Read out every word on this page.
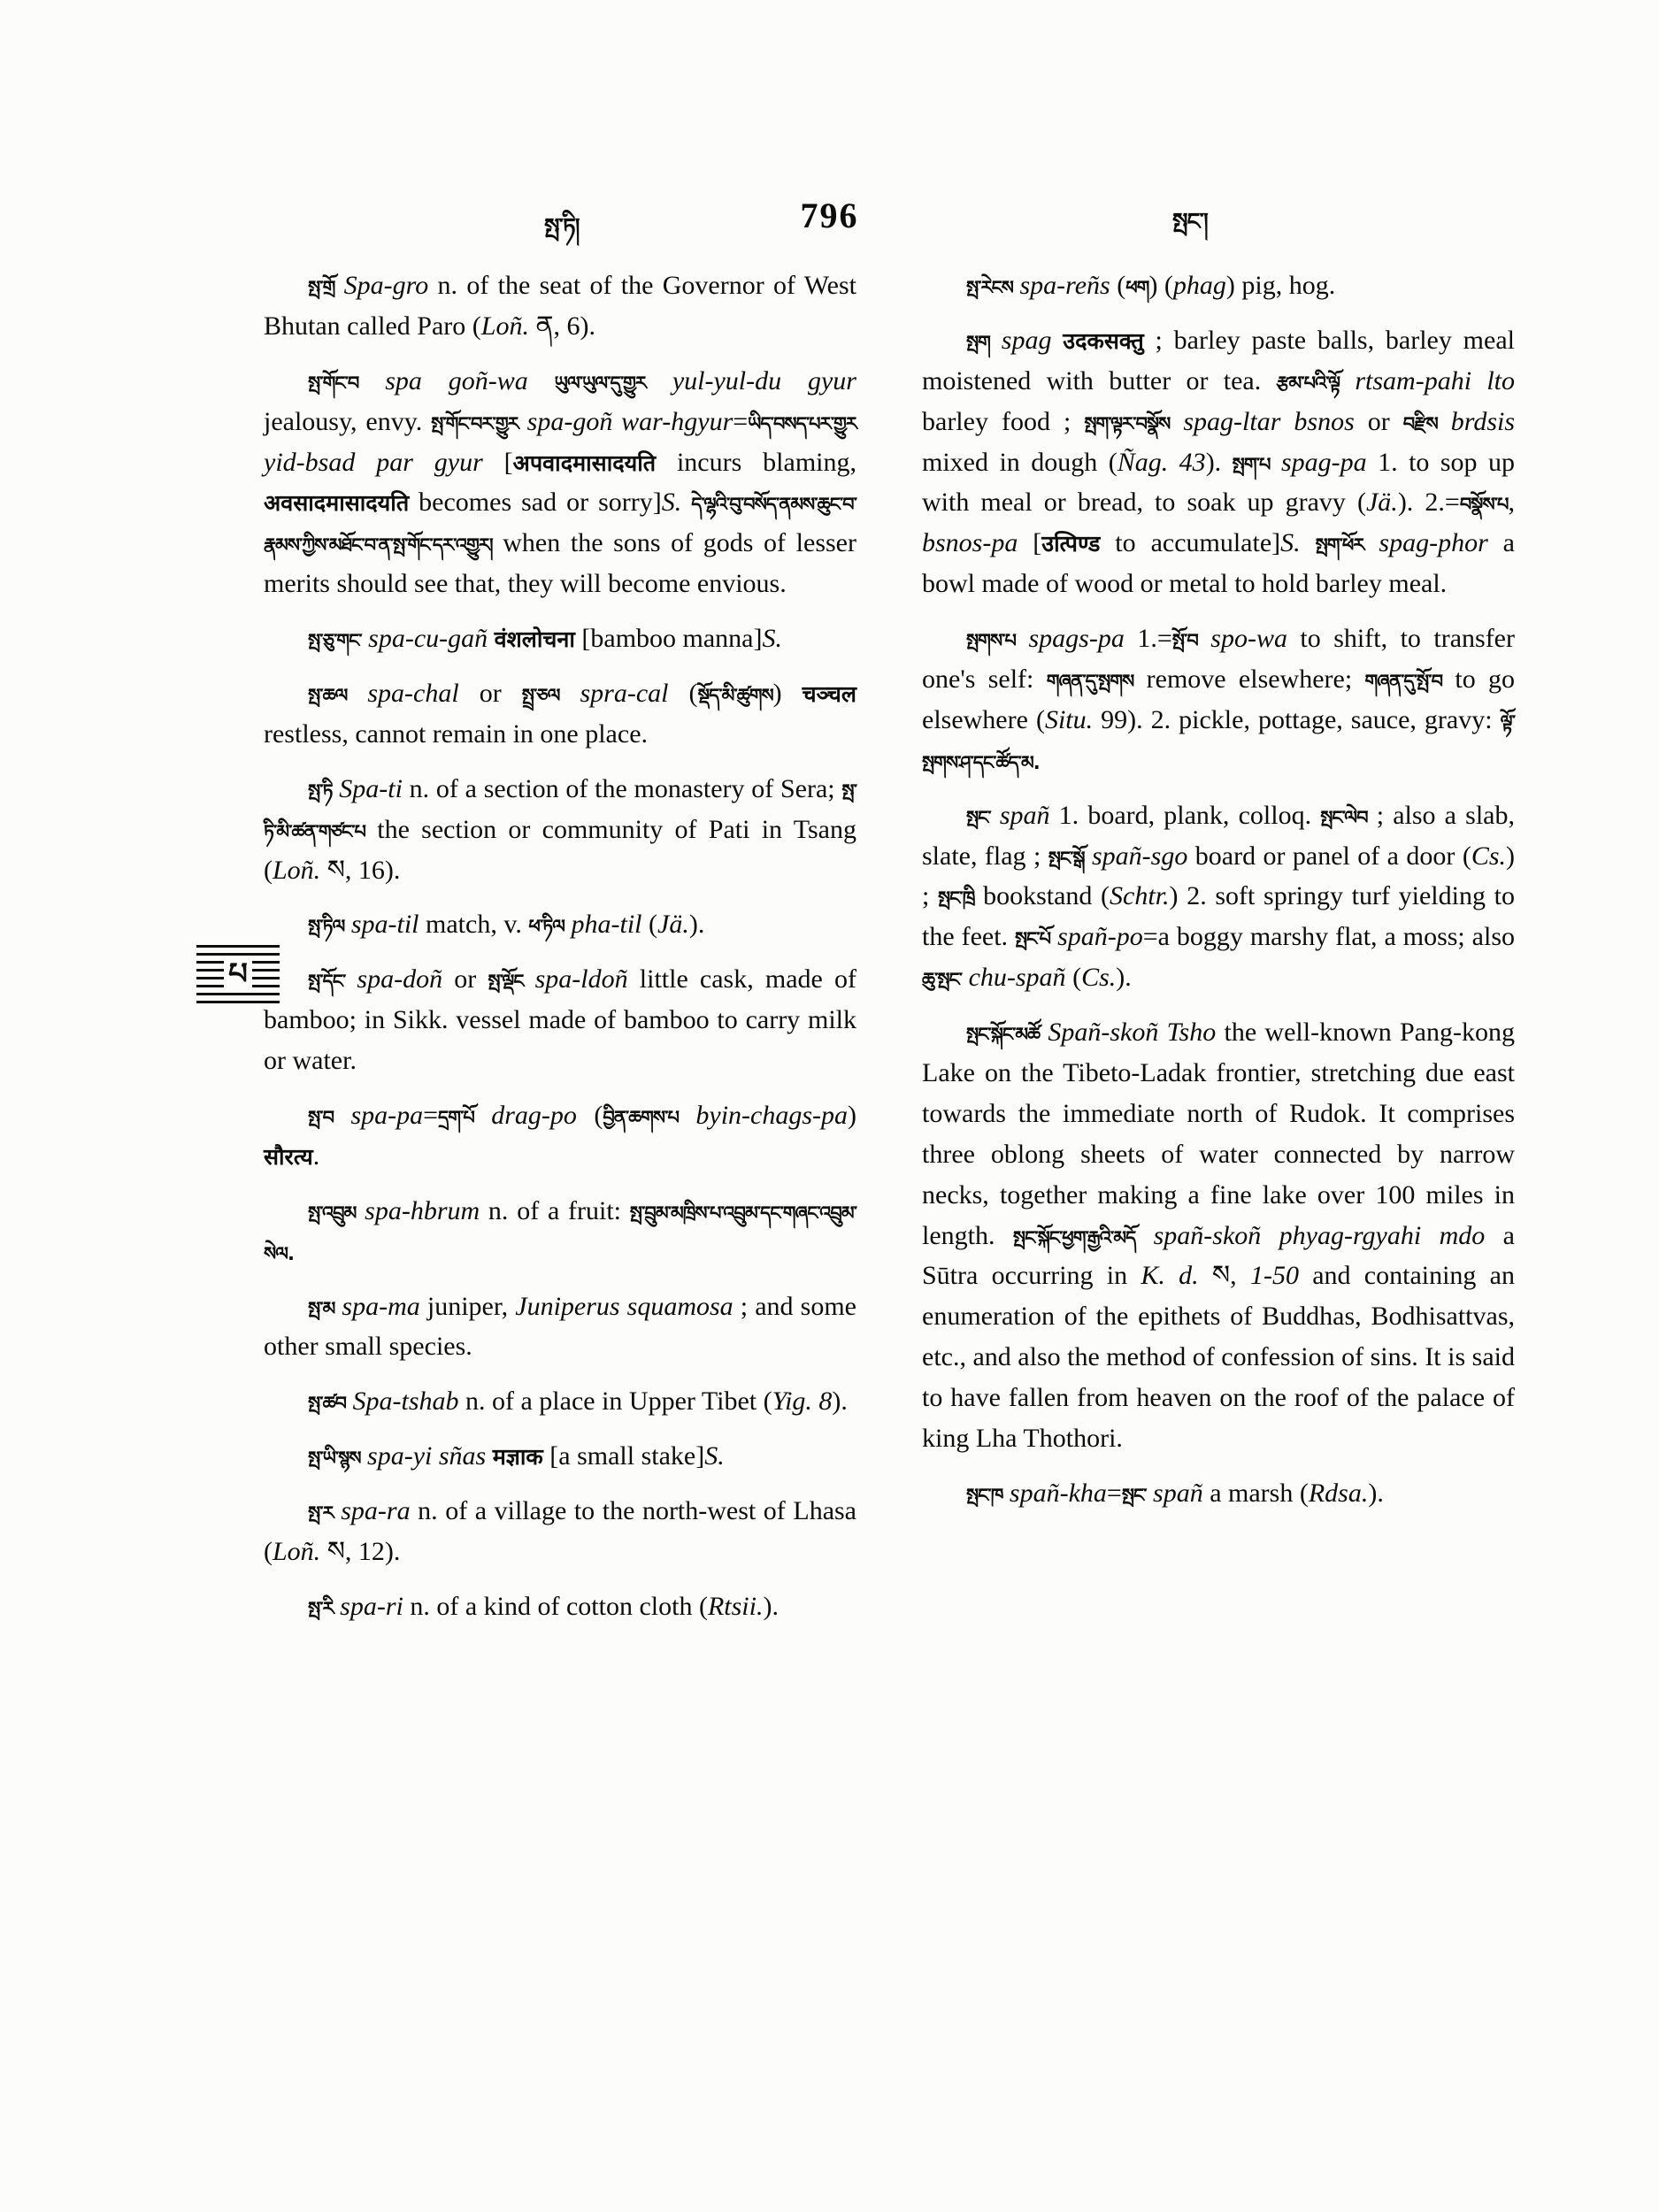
སྤ་ཏི།	796	སྤང་།
པ

སྤ་གྲོ Spa-gro n. of the seat of the Governor of West Bhutan called Paro (Loñ. ན, 6).

སྤ་གོང་བ spa goñ-wa ཡུལ་ཡུལ་དུ་གྱུར yul-yul-du gyur jealousy, envy. སྤ་གོང་བར་གྱུར spa-goñ war-hgyur=ཡིད་བསད་པར་གྱུར yid-bsad par gyur [अपवादमासादयति incurs blaming, अवसादमासादयति becomes sad or sorry]S. དེ་ལྷའི་བུ་བསོད་ནམས་ཆུང་བ་རྣམས་ཀྱིས་མཐོང་བ་ན་སྤ་གོང་དར་འགྱུར། when the sons of gods of lesser merits should see that, they will become envious.

སྤ་ཅུ་གང་ spa-cu-gañ वंशलोचना [bamboo manna]S.

སྤ་ཆལ spa-chal or སྤྲ་ཅལ spra-cal (སྡོད་མི་ཚུགས) चञ्चल restless, cannot remain in one place.

སྤ་ཏི Spa-ti n. of a section of the monastery of Sera; སྤ་ཏི་མི་ཚན་གཙང་པ the section or community of Pati in Tsang (Loñ. ས, 16).

སྤ་ཏིལ spa-til match, v. ཕ་ཏིལ pha-til (Jä.).

སྤ་དོང་ spa-doñ or སྤ་ལྡོང spa-ldoñ little cask, made of bamboo; in Sikk. vessel made of bamboo to carry milk or water.

སྤ་བ spa-pa=དྲག་པོ drag-po (བྱིན་ཆགས་པ byin-chags-pa) सौरत्य.

སྤ་འབྲུམ spa-hbrum n. of a fruit: སྤ་བྲུམ་མཁྲིས་པ་འབྲུམ་དང་གཞང་འབྲུམ་སེལ.

སྤ་མ spa-ma juniper, Juniperus squamosa ; and some other small species.

སྤ་ཚབ Spa-tshab n. of a place in Upper Tibet (Yig. 8).

སྤ་ཡི་སྙས spa-yi sñas मज्ञाक [a small stake]S.

སྤ་ར spa-ra n. of a village to the north-west of Lhasa (Loñ. ས, 12).

སྤ་རི spa-ri n. of a kind of cotton cloth (Rtsii.).

སྤ་རེངས spa-reñs (ཕག) (phag) pig, hog.

སྤག spag उदकसक्तु ; barley paste balls, barley meal moistened with butter or tea. རྩམ་པའི་ལྟོ rtsam-pahi lto barley food ; སྤག་ལྟར་བསྣོས spag-ltar bsnos or བརྫིས brdsis mixed in dough (Ñag. 43). སྤག་པ spag-pa 1. to sop up with meal or bread, to soak up gravy (Jä.). 2.=བསྣོས་པ, bsnos-pa [उत्पिण्ड to accumulate]S. སྤག་ཕོར spag-phor a bowl made of wood or metal to hold barley meal.

སྤགས་པ spags-pa 1.=སྤོ་བ spo-wa to shift, to transfer one's self: གཞན་དུ་སྤགས remove elsewhere; གཞན་དུ་སྤོ་བ to go elsewhere (Situ. 99). 2. pickle, pottage, sauce, gravy: ལྟོ་སྤགས་ཤ་དང་ཚོད་མ.

སྤང་ spañ 1. board, plank, colloq. སྤང་ལེབ ; also a slab, slate, flag ; སྤང་སྒོ spañ-sgo board or panel of a door (Cs.) ; སྤང་ཁྲི bookstand (Schtr.) 2. soft springy turf yielding to the feet. སྤང་པོ spañ-po=a boggy marshy flat, a moss; also ཆུ་སྤང་ chu-spañ (Cs.).

སྤང་སྐོང་མཚོ Spañ-skoñ Tsho the well-known Pang-kong Lake on the Tibeto-Ladak frontier, stretching due east towards the immediate north of Rudok. It comprises three oblong sheets of water connected by narrow necks, together making a fine lake over 100 miles in length. སྤང་སྐོང་ཕྱག་རྒྱའི་མདོ spañ-skoñ phyag-rgyahi mdo a Sūtra occurring in K. d. ས, 1-50 and containing an enumeration of the epithets of Buddhas, Bodhisattvas, etc., and also the method of confession of sins. It is said to have fallen from heaven on the roof of the palace of king Lha Thothori.

སྤང་ཁ spañ-kha=སྤང་ spañ a marsh (Rdsa.).
